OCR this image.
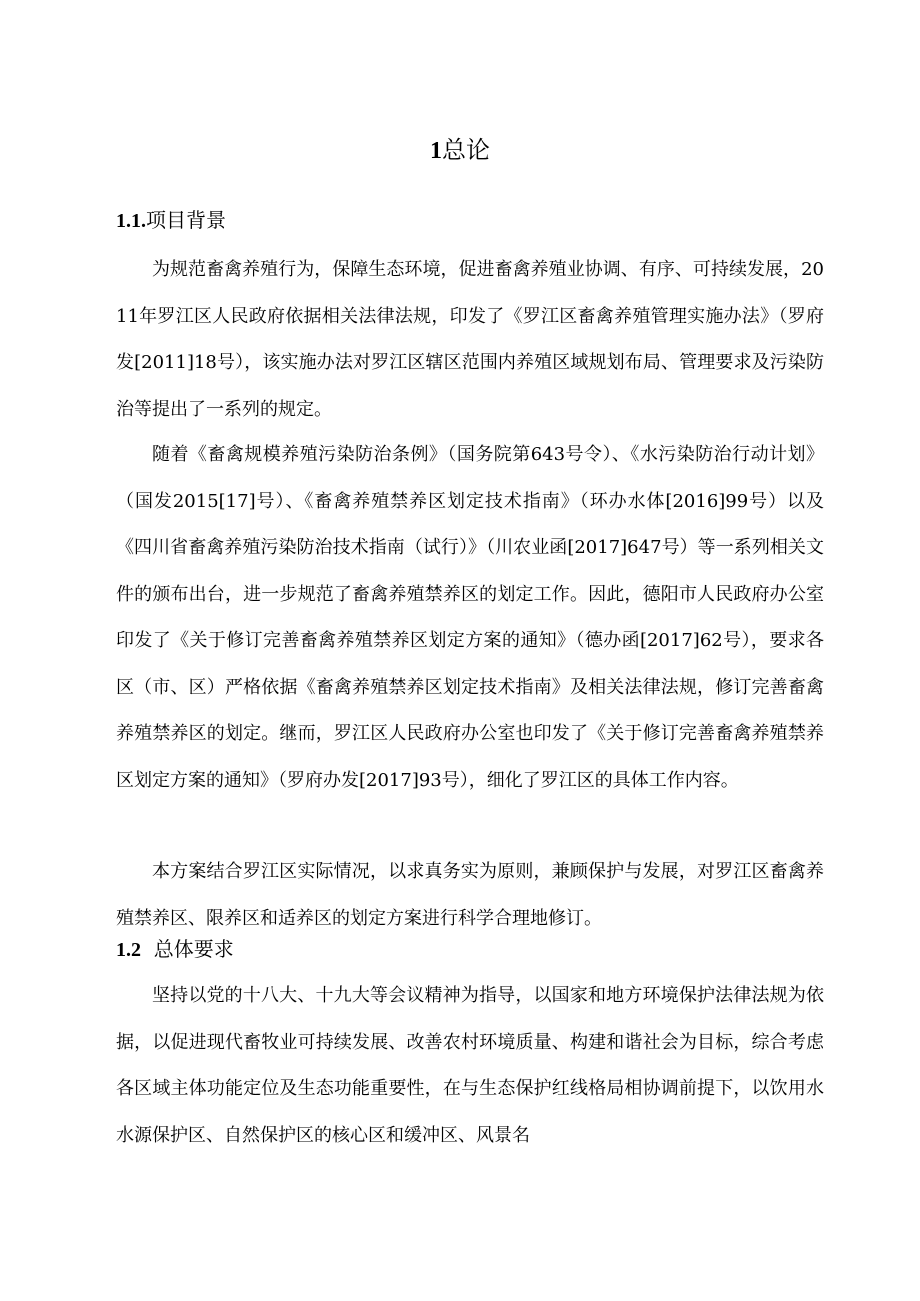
1总论
1.1.项目背景

为规范畜禽养殖行为，保障生态环境，促进畜禽养殖业协调、有序、可持续发展，2011年罗江区人民政府依据相关法律法规，印发了《罗江区畜禽养殖管理实施办法》（罗府发[2011]18号），该实施办法对罗江区辖区范围内养殖区域规划布局、管理要求及污染防治等提出了一系列的规定。

随着《畜禽规模养殖污染防治条例》（国务院第643号令）、《水污染防治行动计划》（国发2015[17]号）、《畜禽养殖禁养区划定技术指南》（环办水体[2016]99号）以及《四川省畜禽养殖污染防治技术指南（试行）》（川农业函[2017]647号）等一系列相关文件的颁布出台，进一步规范了畜禽养殖禁养区的划定工作。因此，德阳市人民政府办公室印发了《关于修订完善畜禽养殖禁养区划定方案的通知》（德办函[2017]62号），要求各区（市、区）严格依据《畜禽养殖禁养区划定技术指南》及相关法律法规，修订完善畜禽养殖禁养区的划定。继而，罗江区人民政府办公室也印发了《关于修订完善畜禽养殖禁养区划定方案的通知》（罗府办发[2017]93号），细化了罗江区的具体工作内容。

本方案结合罗江区实际情况，以求真务实为原则，兼顾保护与发展，对罗江区畜禽养殖禁养区、限养区和适养区的划定方案进行科学合理地修订。

1.2 总体要求

坚持以党的十八大、十九大等会议精神为指导，以国家和地方环境保护法律法规为依据，以促进现代畜牧业可持续发展、改善农村环境质量、构建和谐社会为目标，综合考虑各区域主体功能定位及生态功能重要性，在与生态保护红线格局相协调前提下，以饮用水水源保护区、自然保护区的核心区和缓冲区、风景名
